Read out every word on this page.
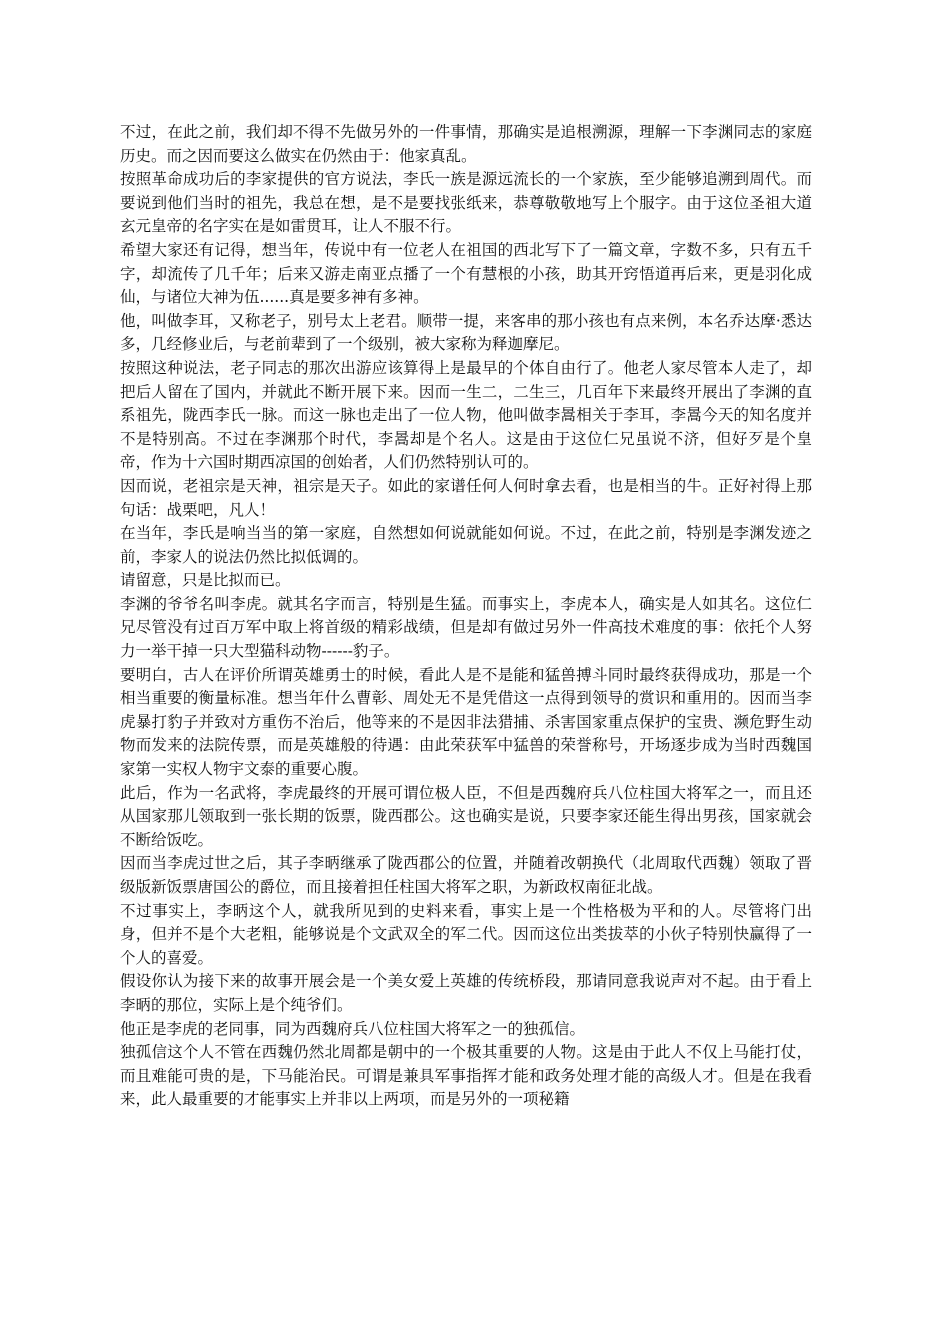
不过，在此之前，我们却不得不先做另外的一件事情，那确实是追根溯源，理解一下李渊同志的家庭历史。而之因而要这么做实在仍然由于：他家真乱。

按照革命成功后的李家提供的官方说法，李氏一族是源远流长的一个家族，至少能够追溯到周代。而要说到他们当时的祖先，我总在想，是不是要找张纸来，恭尊敬敬地写上个服字。由于这位圣祖大道玄元皇帝的名字实在是如雷贯耳，让人不服不行。

希望大家还有记得，想当年，传说中有一位老人在祖国的西北写下了一篇文章，字数不多，只有五千字，却流传了几千年；后来又游走南亚点播了一个有慧根的小孩，助其开窍悟道再后来，更是羽化成仙，与诸位大神为伍......真是要多神有多神。

他，叫做李耳，又称老子，别号太上老君。顺带一提，来客串的那小孩也有点来例，本名乔达摩·悉达多，几经修业后，与老前辈到了一个级别，被大家称为释迦摩尼。

按照这种说法，老子同志的那次出游应该算得上是最早的个体自由行了。他老人家尽管本人走了，却把后人留在了国内，并就此不断开展下来。因而一生二，二生三，几百年下来最终开展出了李渊的直系祖先，陇西李氏一脉。而这一脉也走出了一位人物，他叫做李暠相关于李耳，李暠今天的知名度并不是特别高。不过在李渊那个时代，李暠却是个名人。这是由于这位仁兄虽说不济，但好歹是个皇帝，作为十六国时期西凉国的创始者，人们仍然特别认可的。

因而说，老祖宗是天神，祖宗是天子。如此的家谱任何人何时拿去看，也是相当的牛。正好衬得上那句话：战栗吧，凡人！

在当年，李氏是响当当的第一家庭，自然想如何说就能如何说。不过，在此之前，特别是李渊发迹之前，李家人的说法仍然比拟低调的。

请留意，只是比拟而已。

李渊的爷爷名叫李虎。就其名字而言，特别是生猛。而事实上，李虎本人，确实是人如其名。这位仁兄尽管没有过百万军中取上将首级的精彩战绩，但是却有做过另外一件高技术难度的事：依托个人努力一举干掉一只大型猫科动物------豹子。

要明白，古人在评价所谓英雄勇士的时候，看此人是不是能和猛兽搏斗同时最终获得成功，那是一个相当重要的衡量标准。想当年什么曹彰、周处无不是凭借这一点得到领导的赏识和重用的。因而当李虎暴打豹子并致对方重伤不治后，他等来的不是因非法猎捕、杀害国家重点保护的宝贵、濒危野生动物而发来的法院传票，而是英雄般的待遇：由此荣获军中猛兽的荣誉称号，开场逐步成为当时西魏国家第一实权人物宇文泰的重要心腹。

此后，作为一名武将，李虎最终的开展可谓位极人臣，不但是西魏府兵八位柱国大将军之一，而且还从国家那儿领取到一张长期的饭票，陇西郡公。这也确实是说，只要李家还能生得出男孩，国家就会不断给饭吃。

因而当李虎过世之后，其子李昞继承了陇西郡公的位置，并随着改朝换代（北周取代西魏）领取了晋级版新饭票唐国公的爵位，而且接着担任柱国大将军之职，为新政权南征北战。

不过事实上，李昞这个人，就我所见到的史料来看，事实上是一个性格极为平和的人。尽管将门出身，但并不是个大老粗，能够说是个文武双全的军二代。因而这位出类拔萃的小伙子特别快赢得了一个人的喜爱。

假设你认为接下来的故事开展会是一个美女爱上英雄的传统桥段，那请同意我说声对不起。由于看上李昞的那位，实际上是个纯爷们。

他正是李虎的老同事，同为西魏府兵八位柱国大将军之一的独孤信。

独孤信这个人不管在西魏仍然北周都是朝中的一个极其重要的人物。这是由于此人不仅上马能打仗，而且难能可贵的是，下马能治民。可谓是兼具军事指挥才能和政务处理才能的高级人才。但是在我看来，此人最重要的才能事实上并非以上两项，而是另外的一项秘籍
